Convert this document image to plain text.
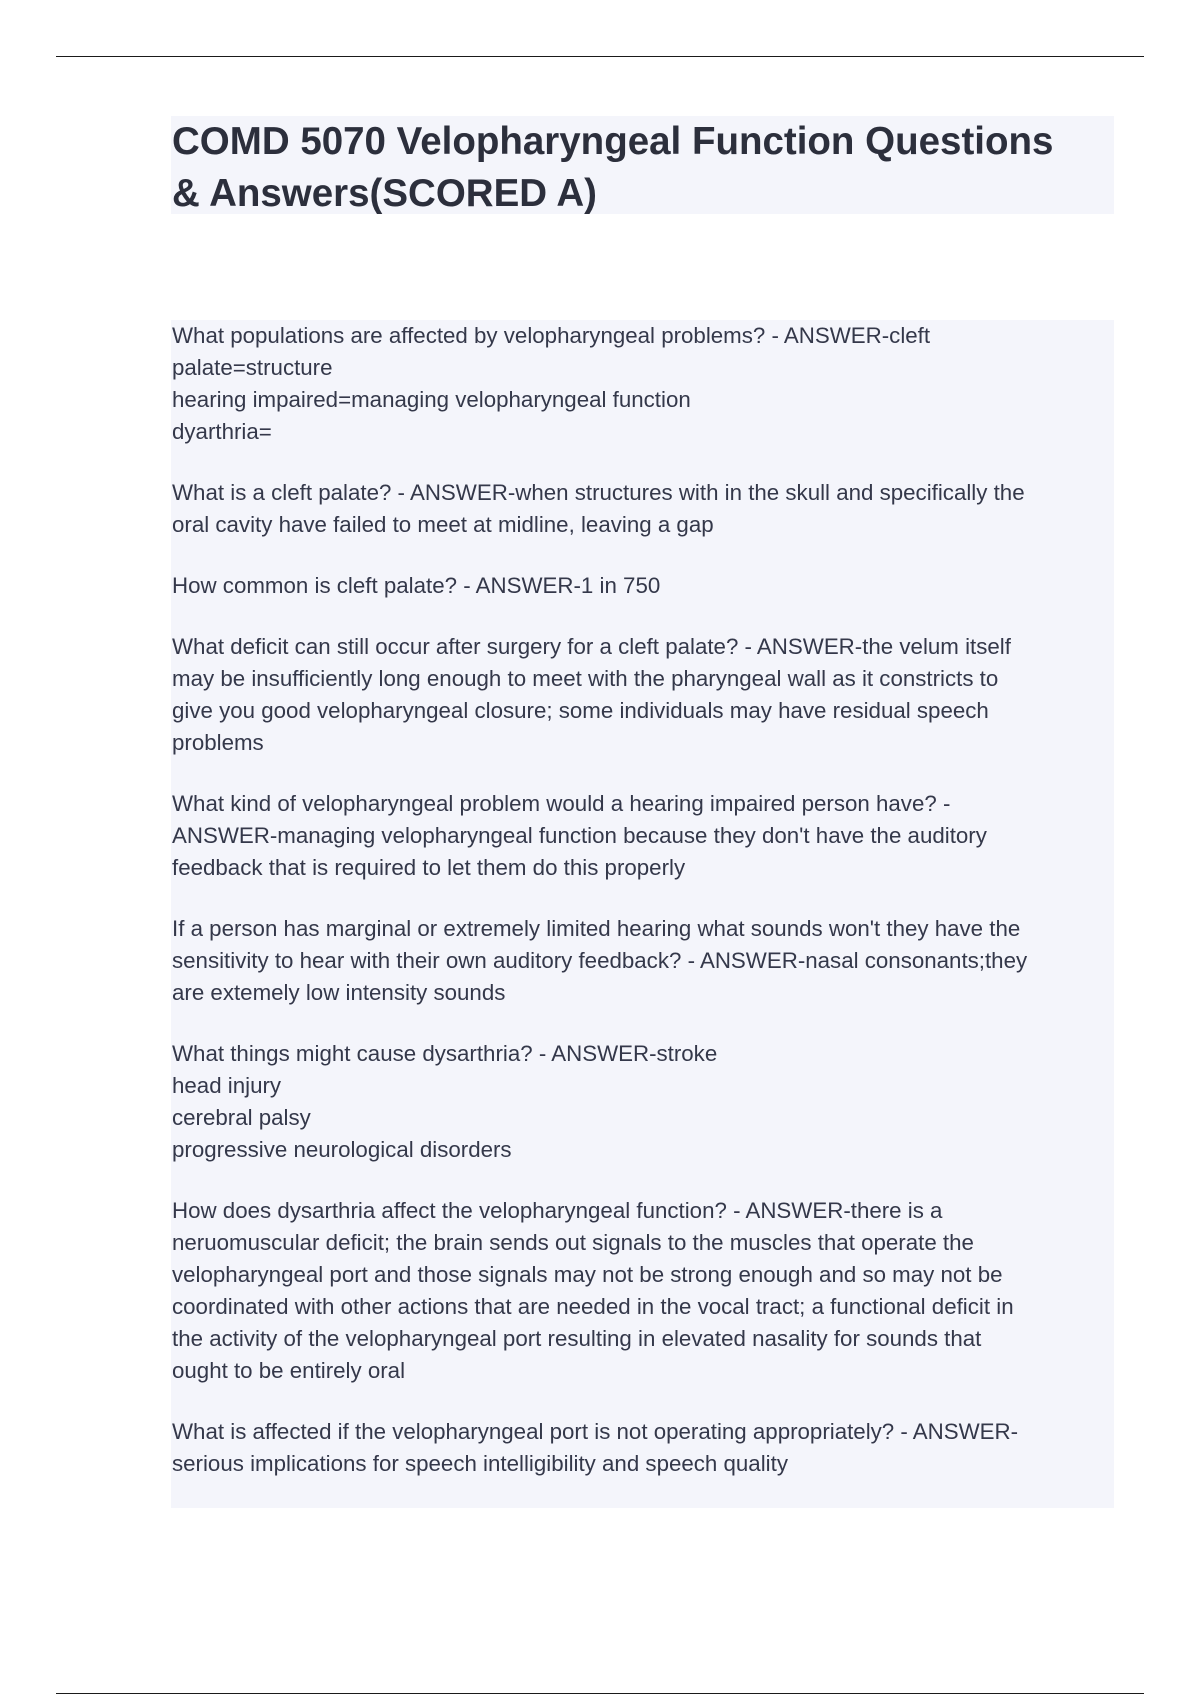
COMD 5070 Velopharyngeal Function Questions
& Answers(SCORED A)

What populations are affected by velopharyngeal problems? - ANSWER-cleft
palate=structure
hearing impaired=managing velopharyngeal function
dyarthria=

What is a cleft palate? - ANSWER-when structures with in the skull and specifically the
oral cavity have failed to meet at midline, leaving a gap

How common is cleft palate? - ANSWER-1 in 750

What deficit can still occur after surgery for a cleft palate? - ANSWER-the velum itself
may be insufficiently long enough to meet with the pharyngeal wall as it constricts to
give you good velopharyngeal closure; some individuals may have residual speech
problems

What kind of velopharyngeal problem would a hearing impaired person have? -
ANSWER-managing velopharyngeal function because they don't have the auditory
feedback that is required to let them do this properly

If a person has marginal or extremely limited hearing what sounds won't they have the
sensitivity to hear with their own auditory feedback? - ANSWER-nasal consonants;they
are extemely low intensity sounds

What things might cause dysarthria? - ANSWER-stroke
head injury
cerebral palsy
progressive neurological disorders

How does dysarthria affect the velopharyngeal function? - ANSWER-there is a
neruomuscular deficit; the brain sends out signals to the muscles that operate the
velopharyngeal port and those signals may not be strong enough and so may not be
coordinated with other actions that are needed in the vocal tract; a functional deficit in
the activity of the velopharyngeal port resulting in elevated nasality for sounds that
ought to be entirely oral

What is affected if the velopharyngeal port is not operating appropriately? - ANSWER-
serious implications for speech intelligibility and speech quality
